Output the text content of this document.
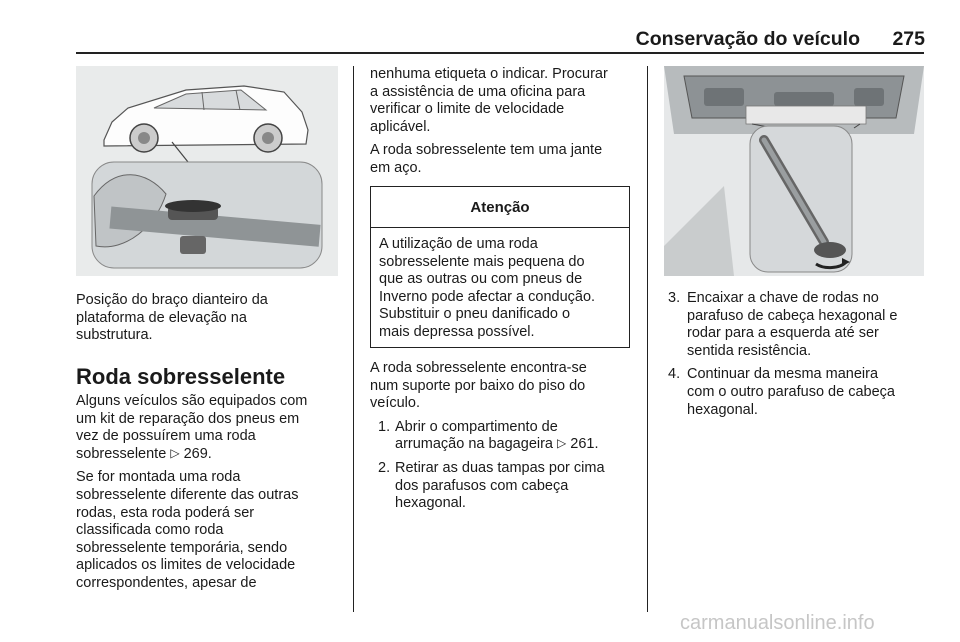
Conservação do veículo	275
Posição do braço dianteiro da
plataforma de elevação na
substrutura.
Roda sobresselente

Alguns veículos são equipados com
um kit de reparação dos pneus em
vez de possuírem uma roda
sobresselente ▷ 269.

Se for montada uma roda
sobresselente diferente das outras
rodas, esta roda poderá ser
classificada como roda
sobresselente temporária, sendo
aplicados os limites de velocidade
correspondentes, apesar de

nenhuma etiqueta o indicar. Procurar
a assistência de uma oficina para
verificar o limite de velocidade
aplicável.

A roda sobresselente tem uma jante
em aço.

Atenção
A utilização de uma roda
sobresselente mais pequena do
que as outras ou com pneus de
Inverno pode afectar a condução.
Substituir o pneu danificado o
mais depressa possível.

A roda sobresselente encontra-se
num suporte por baixo do piso do
veículo.

1. Abrir o compartimento de
arrumação na bagageira ▷ 261.
2. Retirar as duas tampas por cima
dos parafusos com cabeça
hexagonal.
3. Encaixar a chave de rodas no
parafuso de cabeça hexagonal e
rodar para a esquerda até ser
sentida resistência.
4. Continuar da mesma maneira
com o outro parafuso de cabeça
hexagonal.
carmanualsonline.info
